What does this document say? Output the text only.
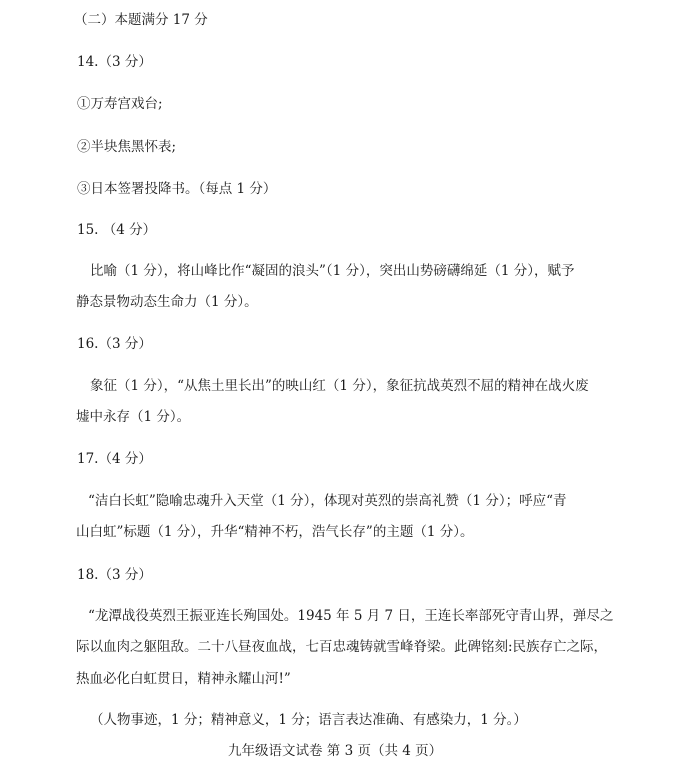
（二）本题满分 17 分
14.（3 分）
①万寿宫戏台;
②半块焦黑怀表;
③日本签署投降书。（每点 1 分）
15. （4 分）
比喻（1 分），将山峰比作“凝固的浪头”（1 分），突出山势磅礴绵延（1 分），赋予
静态景物动态生命力（1 分）。
16.（3 分）
象征（1 分），“从焦土里长出”的映山红（1 分），象征抗战英烈不屈的精神在战火废
墟中永存（1 分）。
17.（4 分）
“洁白长虹”隐喻忠魂升入天堂（1 分），体现对英烈的崇高礼赞（1 分）；呼应“青
山白虹”标题（1 分），升华“精神不朽，浩气长存”的主题（1 分）。
18.（3 分）
“龙潭战役英烈王振亚连长殉国处。1945 年 5 月 7 日，王连长率部死守青山界，弹尽之
际以血肉之躯阻敌。二十八昼夜血战，七百忠魂铸就雪峰脊梁。此碑铭刻:民族存亡之际，
热血必化白虹贯日，精神永耀山河!”
（人物事迹，1 分；精神意义，1 分；语言表达准确、有感染力，1 分。）
九年级语文试卷 第 3 页（共 4 页）
